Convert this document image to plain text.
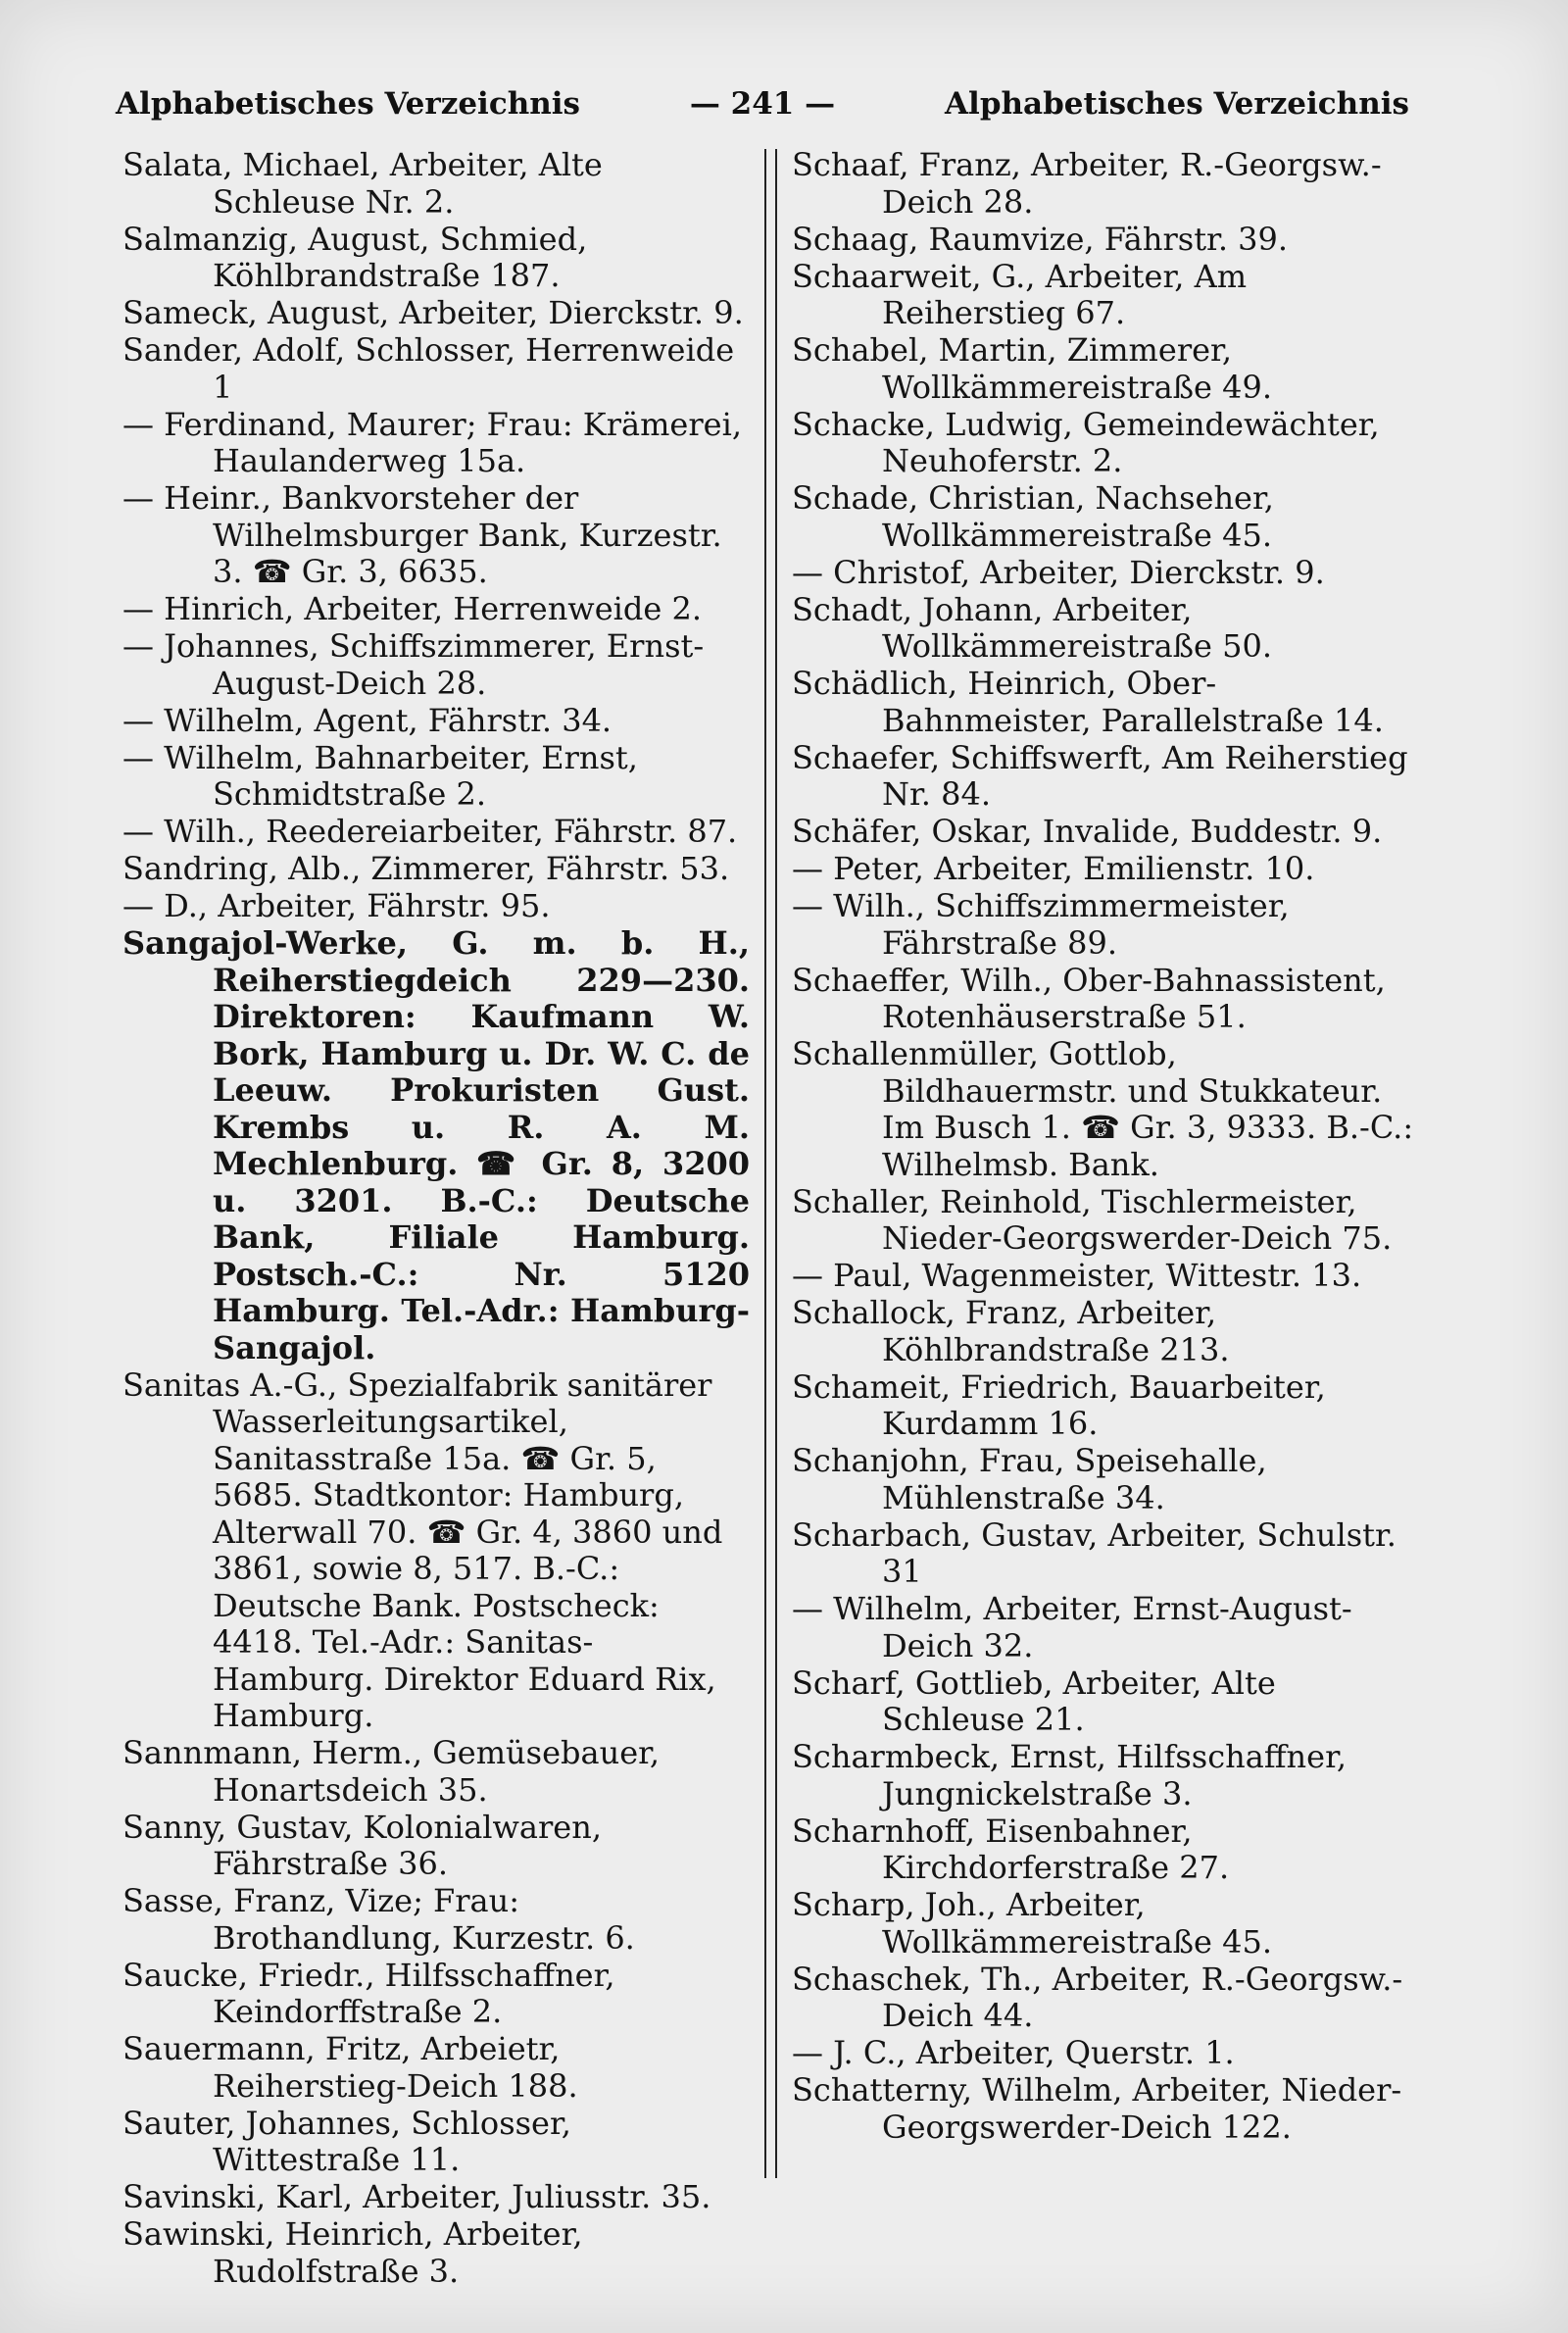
— 241 —
Alphabetisches Verzeichnis	Alphabetisches Verzeichnis

Salata, Michael, Arbeiter, Alte Schleuse Nr. 2.

Salmanzig, August, Schmied, Köhlbrandstraße 187.

Sameck, August, Arbeiter, Dierckstr. 9.

Sander, Adolf, Schlosser, Herrenweide 1

— Ferdinand, Maurer; Frau: Krämerei, Haulanderweg 15a.

— Heinr., Bankvorsteher der Wilhelmsburger Bank, Kurzestr. 3. ☎ Gr. 3, 6635.

— Hinrich, Arbeiter, Herrenweide 2.

— Johannes, Schiffszimmerer, Ernst-August-Deich 28.

— Wilhelm, Agent, Fährstr. 34.

— Wilhelm, Bahnarbeiter, Ernst, Schmidtstraße 2.

— Wilh., Reedereiarbeiter, Fährstr. 87.

Sandring, Alb., Zimmerer, Fährstr. 53.

— D., Arbeiter, Fährstr. 95.

Sangajol-Werke, G. m. b. H., Reiherstiegdeich 229—230. Direktoren: Kaufmann W. Bork, Hamburg u. Dr. W. C. de Leeuw. Prokuristen Gust. Krembs u. R. A. M. Mechlenburg. ☎ Gr. 8, 3200 u. 3201. B.-C.: Deutsche Bank, Filiale Hamburg. Postsch.-C.: Nr. 5120 Hamburg. Tel.-Adr.: Hamburg-Sangajol.

Sanitas A.-G., Spezialfabrik sanitärer Wasserleitungsartikel, Sanitasstraße 15a. ☎ Gr. 5, 5685. Stadtkontor: Hamburg, Alterwall 70. ☎ Gr. 4, 3860 und 3861, sowie 8, 517. B.-C.: Deutsche Bank. Postscheck: 4418. Tel.-Adr.: Sanitas-Hamburg. Direktor Eduard Rix, Hamburg.

Sannmann, Herm., Gemüsebauer, Honartsdeich 35.

Sanny, Gustav, Kolonialwaren, Fährstraße 36.

Sasse, Franz, Vize; Frau: Brothandlung, Kurzestr. 6.

Saucke, Friedr., Hilfsschaffner, Keindorffstraße 2.

Sauermann, Fritz, Arbeietr, Reiherstieg-Deich 188.

Sauter, Johannes, Schlosser, Wittestraße 11.

Savinski, Karl, Arbeiter, Juliusstr. 35.

Sawinski, Heinrich, Arbeiter, Rudolfstraße 3.

Schaaf, Franz, Arbeiter, R.-Georgsw.-Deich 28.

Schaag, Raumvize, Fährstr. 39.

Schaarweit, G., Arbeiter, Am Reiherstieg 67.

Schabel, Martin, Zimmerer, Wollkämmereistraße 49.

Schacke, Ludwig, Gemeindewächter, Neuhoferstr. 2.

Schade, Christian, Nachseher, Wollkämmereistraße 45.

— Christof, Arbeiter, Dierckstr. 9.

Schadt, Johann, Arbeiter, Wollkämmereistraße 50.

Schädlich, Heinrich, Ober-Bahnmeister, Parallelstraße 14.

Schaefer, Schiffswerft, Am Reiherstieg Nr. 84.

Schäfer, Oskar, Invalide, Buddestr. 9.

— Peter, Arbeiter, Emilienstr. 10.

— Wilh., Schiffszimmermeister, Fährstraße 89.

Schaeffer, Wilh., Ober-Bahnassistent, Rotenhäuserstraße 51.

Schallenmüller, Gottlob, Bildhauermstr. und Stukkateur. Im Busch 1. ☎ Gr. 3, 9333. B.-C.: Wilhelmsb. Bank.

Schaller, Reinhold, Tischlermeister, Nieder-Georgswerder-Deich 75.

— Paul, Wagenmeister, Wittestr. 13.

Schallock, Franz, Arbeiter, Köhlbrandstraße 213.

Schameit, Friedrich, Bauarbeiter, Kurdamm 16.

Schanjohn, Frau, Speisehalle, Mühlenstraße 34.

Scharbach, Gustav, Arbeiter, Schulstr. 31

— Wilhelm, Arbeiter, Ernst-August-Deich 32.

Scharf, Gottlieb, Arbeiter, Alte Schleuse 21.

Scharmbeck, Ernst, Hilfsschaffner, Jungnickelstraße 3.

Scharnhoff, Eisenbahner, Kirchdorferstraße 27.

Scharp, Joh., Arbeiter, Wollkämmereistraße 45.

Schaschek, Th., Arbeiter, R.-Georgsw.-Deich 44.

— J. C., Arbeiter, Querstr. 1.

Schatterny, Wilhelm, Arbeiter, Nieder-Georgswerder-Deich 122.
